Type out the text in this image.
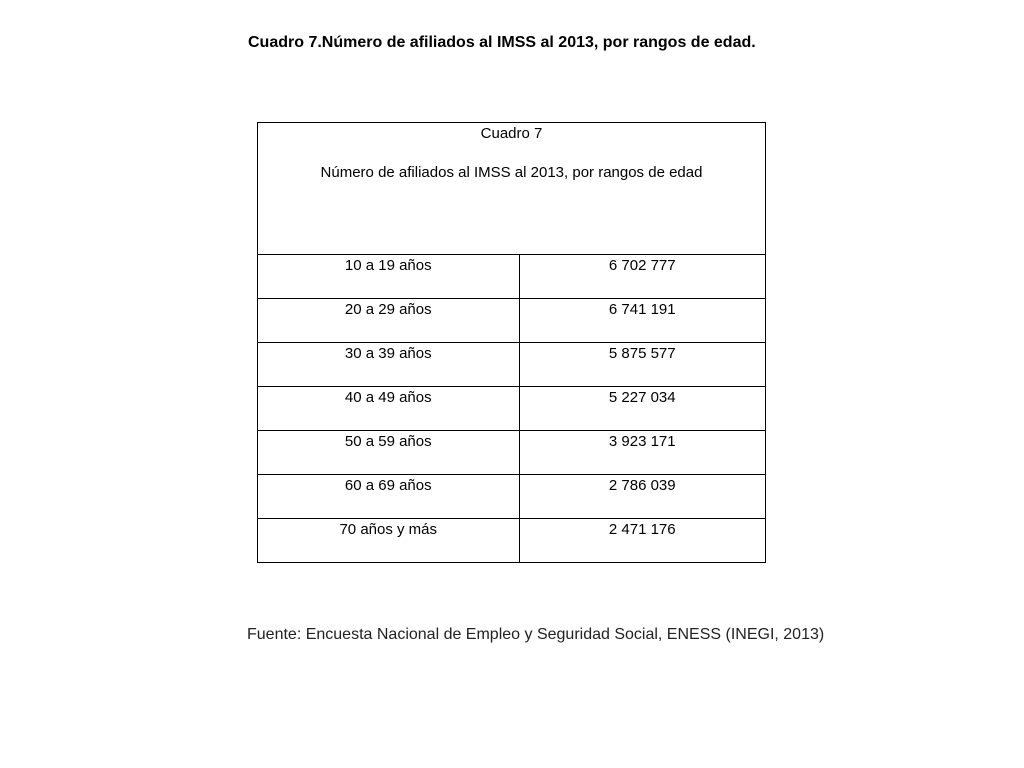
Cuadro 7.Número de afiliados al IMSS al 2013, por rangos de edad.
Cuadro 7
Número de afiliados al IMSS al 2013, por rangos de edad	

10 a 19 años	6 702 777

20 a 29 años	6 741 191

30 a 39 años	5 875 577

40 a 49 años	5 227 034

50 a 59 años	3 923 171

60 a 69 años	2 786 039

70 años y más	2 471 176

Fuente: Encuesta Nacional de Empleo y Seguridad Social, ENESS (INEGI, 2013)
